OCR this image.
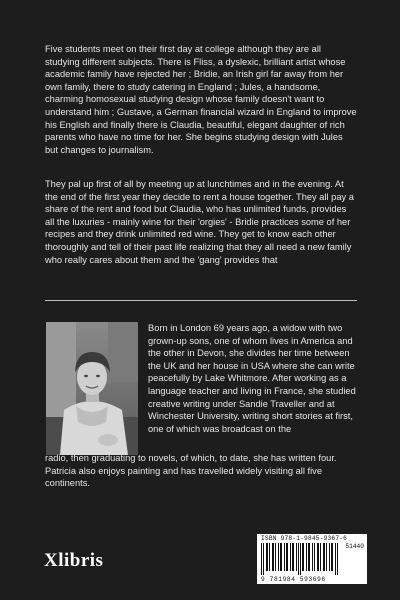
Five students meet on their first day at college although they are all studying different subjects. There is Fliss, a dyslexic, brilliant artist whose academic family have rejected her ; Bridie, an Irish girl far away from her own family, there to study catering in England ; Jules, a handsome, charming homosexual studying design whose family doesn't want to understand him ; Gustave, a German financial wizard in England to improve his English and finally there is Claudia, beautiful, elegant daughter of rich parents who have no time for her. She begins studying design with Jules but changes to journalism.

They pal up first of all by meeting up at lunchtimes and in the evening. At the end of the first year they decide to rent a house together. They all pay a share of the rent and food but Claudia, who has unlimited funds, provides all the luxuries - mainly wine for their 'orgies' - Bridie practices some of her recipes and they drink unlimited red wine. They get to know each other thoroughly and tell of their past life realizing that they all need a new family who really cares about them and the 'gang' provides that

Born in London 69 years ago, a widow with two grown-up sons, one of whom lives in America and the other in Devon, she divides her time between the UK and her house in USA where she can write peacefully by Lake Whitmore. After working as a language teacher and living in France, she studied creative writing under Sandie Traveller and at Winchester University, writing short stories at first, one of which was broadcast on the

radio, then graduating to novels, of which, to date, she has written four. Patricia also enjoys painting and has travelled widely visiting all five continents.

ISBN 978-1-9845-9367-6
51440
9 781984 593696
Xlibris
